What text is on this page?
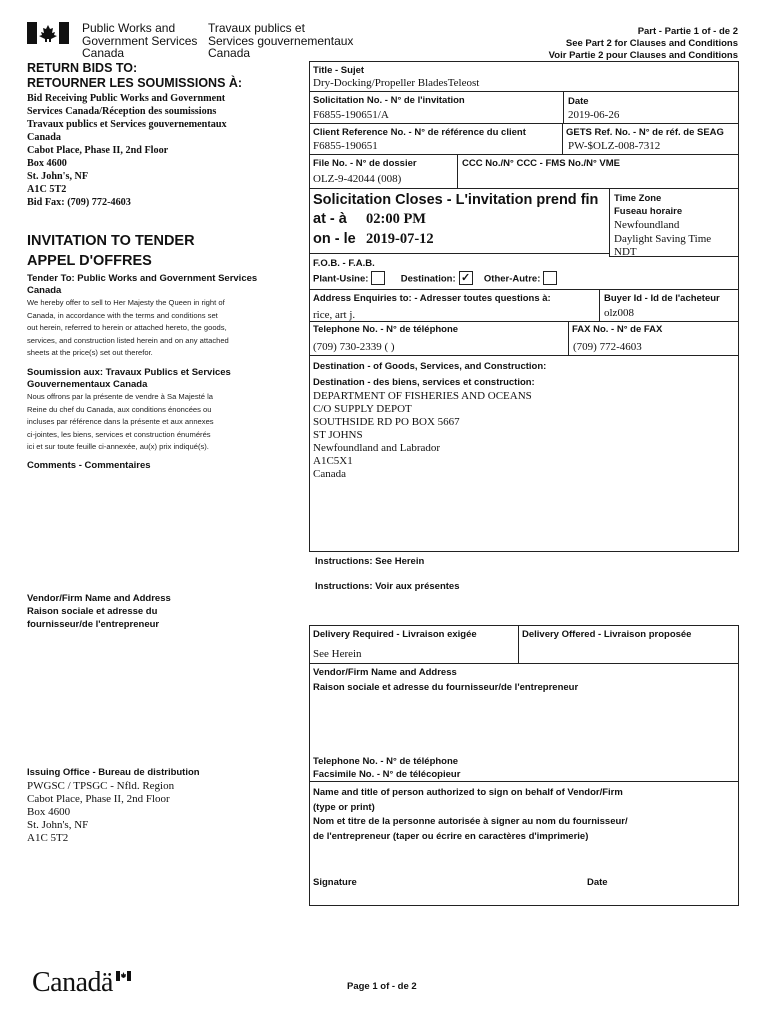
Public Works and
Government Services
Canada
Travaux publics et
Services gouvernementaux
Canada
Part - Partie 1 of - de 2
See Part 2 for Clauses and Conditions
Voir Partie 2 pour Clauses and Conditions
RETURN BIDS TO:
RETOURNER LES SOUMISSIONS À:
Bid Receiving Public Works and Government
Services Canada/Réception des soumissions
Travaux publics et Services gouvernementaux
Canada
Cabot Place, Phase II, 2nd Floor
Box 4600
St. John's, NF
A1C 5T2
Bid Fax: (709) 772-4603
INVITATION TO TENDER
APPEL D'OFFRES
Tender To: Public Works and Government Services Canada
We hereby offer to sell to Her Majesty the Queen in right of
Canada, in accordance with the terms and conditions set
out herein, referred to herein or attached hereto, the goods,
services, and construction listed herein and on any attached
sheets at the price(s) set out therefor.
Soumission aux: Travaux Publics et Services Gouvernementaux Canada
Nous offrons par la présente de vendre à Sa Majesté la
Reine du chef du Canada, aux conditions énoncées ou
incluses par référence dans la présente et aux annexes
ci-jointes, les biens, services et construction énumérés
ici et sur toute feuille ci-annexée, au(x) prix indiqué(s).
Comments - Commentaires
Vendor/Firm Name and Address
Raison sociale et adresse du
fournisseur/de l'entrepreneur
Issuing Office - Bureau de distribution
PWGSC / TPSGC - Nfld. Region
Cabot Place, Phase II, 2nd Floor
Box 4600
St. John's, NF
A1C 5T2
Title - Sujet
Dry-Docking/Propeller BladesTeleost
Solicitation No. - N° de l'invitation
F6855-190651/A
Date
2019-06-26
Client Reference No. - N° de référence du client
F6855-190651
GETS Ref. No. - N° de réf. de SEAG
PW-$OLZ-008-7312
File No. - N° de dossier
OLZ-9-42044 (008)
CCC No./N° CCC - FMS No./N° VME
Solicitation Closes - L'invitation prend fin
at - à 02:00 PM
on - le 2019-07-12
Time Zone
Fuseau horaire
Newfoundland
Daylight Saving Time
NDT
F.O.B. - F.A.B.
Plant-Usine:	Destination: ✓ Other-Autre:
Address Enquiries to: - Adresser toutes questions à:
rice, art j.
Buyer Id - Id de l'acheteur
olz008
Telephone No. - N° de téléphone
(709) 730-2339 ( )
FAX No. - N° de FAX
(709) 772-4603
Destination - of Goods, Services, and Construction:
Destination - des biens, services et construction:
DEPARTMENT OF FISHERIES AND OCEANS
C/O SUPPLY DEPOT
SOUTHSIDE RD PO BOX 5667
ST JOHNS
Newfoundland and Labrador
A1C5X1
Canada
Instructions: See Herein
Instructions: Voir aux présentes
Delivery Required - Livraison exigée
See Herein
Delivery Offered - Livraison proposée
Vendor/Firm Name and Address
Raison sociale et adresse du fournisseur/de l'entrepreneur
Telephone No. - N° de téléphone
Facsimile No. - N° de télécopieur
Name and title of person authorized to sign on behalf of Vendor/Firm
(type or print)
Nom et titre de la personne autorisée à signer au nom du fournisseur/
de l'entrepreneur (taper ou écrire en caractères d'imprimerie)
Signature	Date
Canadä	Page 1 of - de 2
